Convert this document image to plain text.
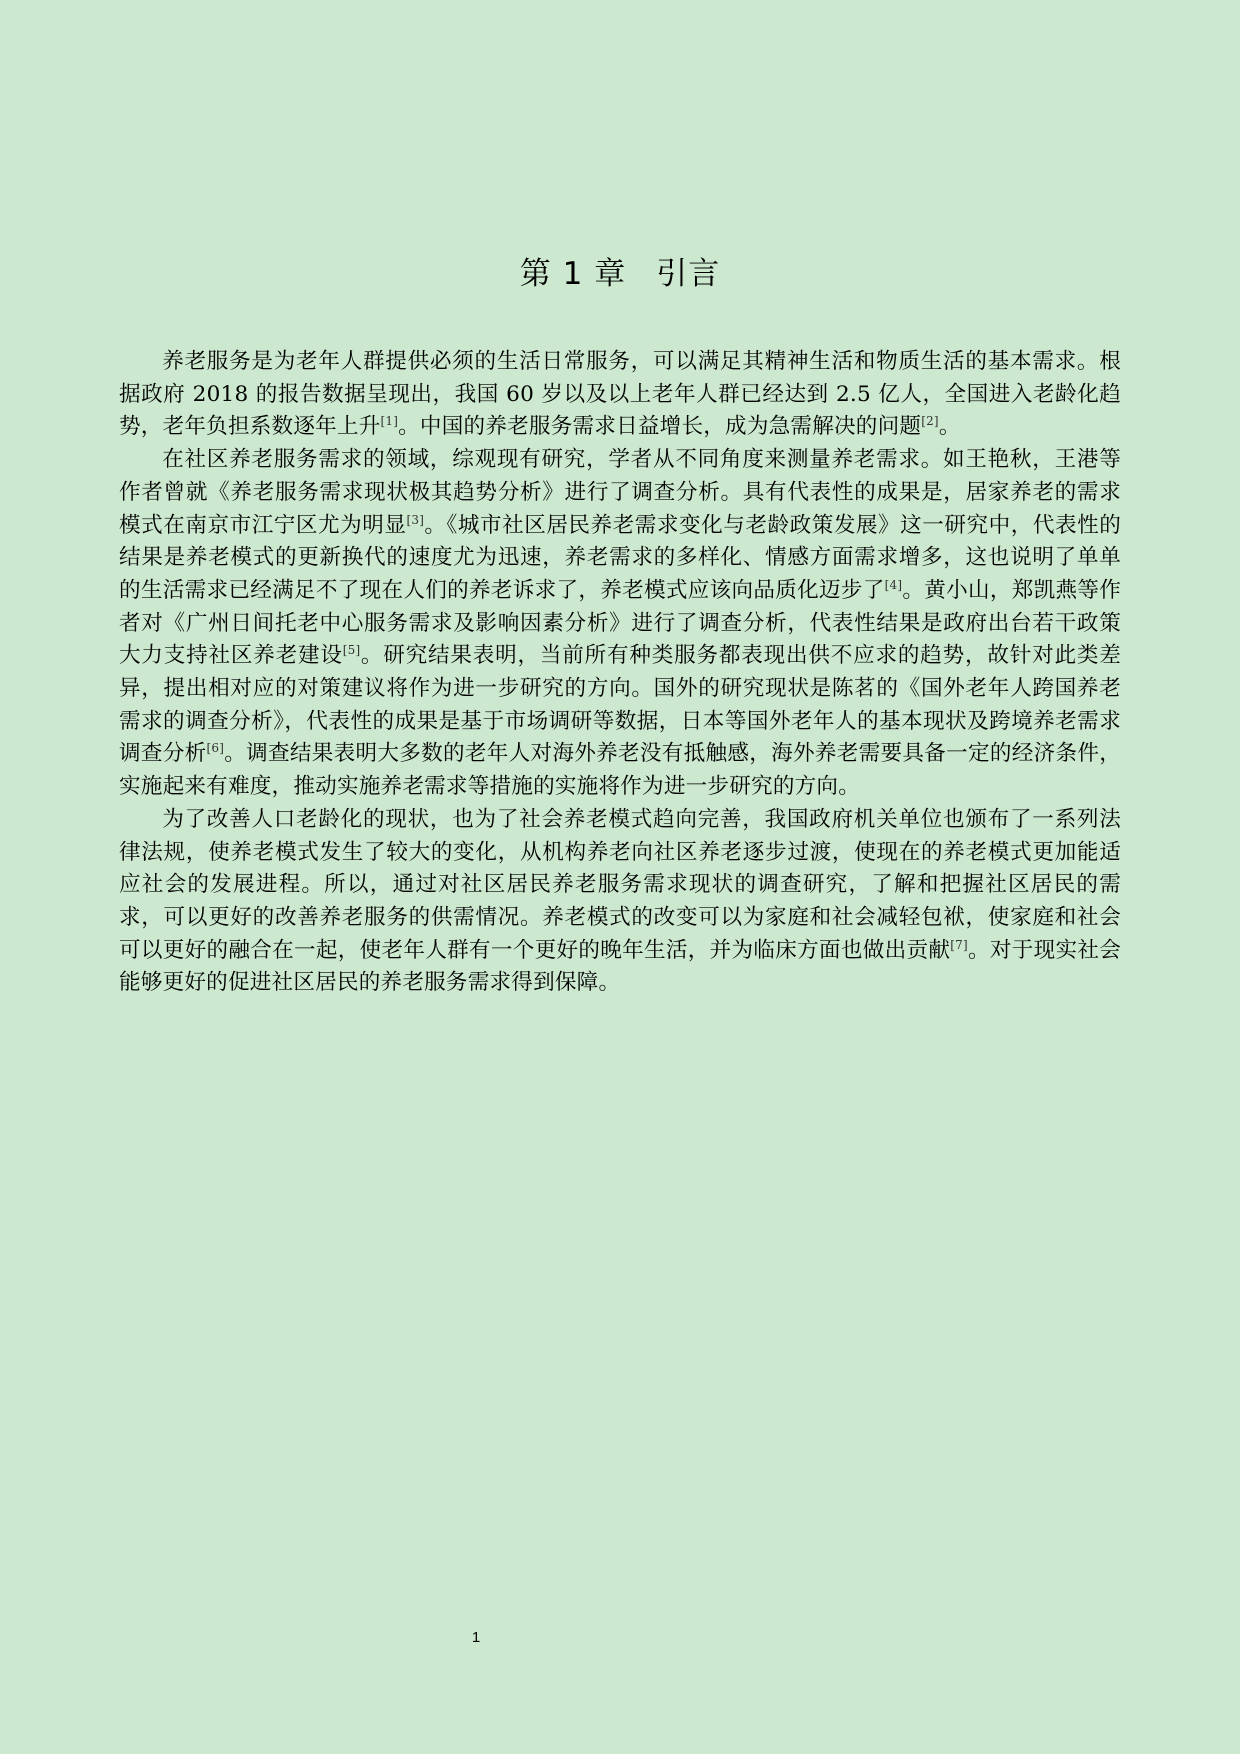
第 1 章 引言

养老服务是为老年人群提供必须的生活日常服务，可以满足其精神生活和物质生活的基本需求。根据政府 2018 的报告数据呈现出，我国 60 岁以及以上老年人群已经达到 2.5 亿人，全国进入老龄化趋势，老年负担系数逐年上升[1]。中国的养老服务需求日益增长，成为急需解决的问题[2]。

在社区养老服务需求的领域，综观现有研究，学者从不同角度来测量养老需求。如王艳秋，王港等作者曾就《养老服务需求现状极其趋势分析》进行了调查分析。具有代表性的成果是，居家养老的需求模式在南京市江宁区尤为明显[3]。《城市社区居民养老需求变化与老龄政策发展》这一研究中，代表性的结果是养老模式的更新换代的速度尤为迅速，养老需求的多样化、情感方面需求增多，这也说明了单单的生活需求已经满足不了现在人们的养老诉求了，养老模式应该向品质化迈步了[4]。黄小山，郑凯燕等作者对《广州日间托老中心服务需求及影响因素分析》进行了调查分析，代表性结果是政府出台若干政策大力支持社区养老建设[5]。研究结果表明，当前所有种类服务都表现出供不应求的趋势，故针对此类差异，提出相对应的对策建议将作为进一步研究的方向。国外的研究现状是陈茗的《国外老年人跨国养老需求的调查分析》，代表性的成果是基于市场调研等数据，日本等国外老年人的基本现状及跨境养老需求调查分析[6]。调查结果表明大多数的老年人对海外养老没有抵触感，海外养老需要具备一定的经济条件，实施起来有难度，推动实施养老需求等措施的实施将作为进一步研究的方向。

为了改善人口老龄化的现状，也为了社会养老模式趋向完善，我国政府机关单位也颁布了一系列法律法规，使养老模式发生了较大的变化，从机构养老向社区养老逐步过渡，使现在的养老模式更加能适应社会的发展进程。所以，通过对社区居民养老服务需求现状的调查研究，了解和把握社区居民的需求，可以更好的改善养老服务的供需情况。养老模式的改变可以为家庭和社会减轻包袱，使家庭和社会可以更好的融合在一起，使老年人群有一个更好的晚年生活，并为临床方面也做出贡献[7]。对于现实社会能够更好的促进社区居民的养老服务需求得到保障。

1
